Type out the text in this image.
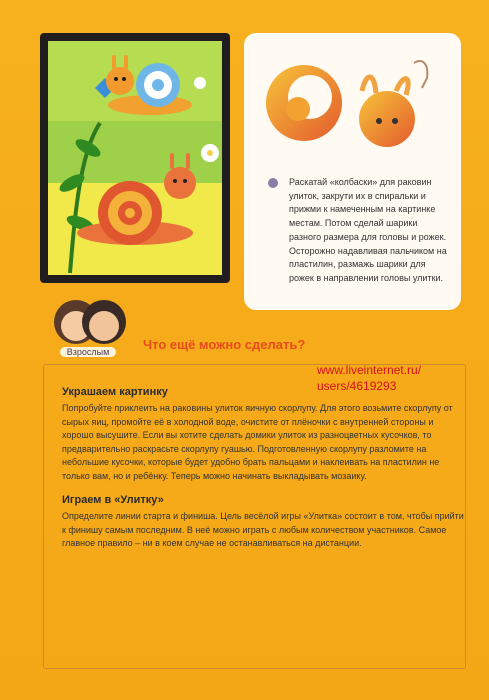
Раскатай «колбаски» для раковин улиток, закрути их в спиральки и прижми к намеченным на картинке местам. Потом сделай шарики разного размера для головы и рожек. Осторожно надавливая пальчиком на пластилин, размажь шарики для рожек в направлении головы улитки.
Взрослым	Что ещё можно сделать?
www.liveinternet.ru/
users/4619293
Украшаем картинку
Попробуйте приклеить на раковины улиток яичную скорлупу. Для этого возьмите скорлупу от сырых яиц, промойте её в холодной воде, очистите от плёночки с внутренней стороны и хорошо высушите. Если вы хотите сделать домики улиток из разноцветных кусочков, то предварительно раскрасьте скорлупу гуашью. Подготовленную скорлупу разломите на небольшие кусочки, которые будет удобно брать пальцами и наклеивать на пластилин не только вам, но и ребёнку. Теперь можно начинать выкладывать мозаику.
Играем в «Улитку»
Определите линии старта и финиша. Цель весёлой игры «Улитка» состоит в том, чтобы прийти к финишу самым последним. В неё можно играть с любым количеством участников. Самое главное правило – ни в коем случае не останавливаться на дистанции.
